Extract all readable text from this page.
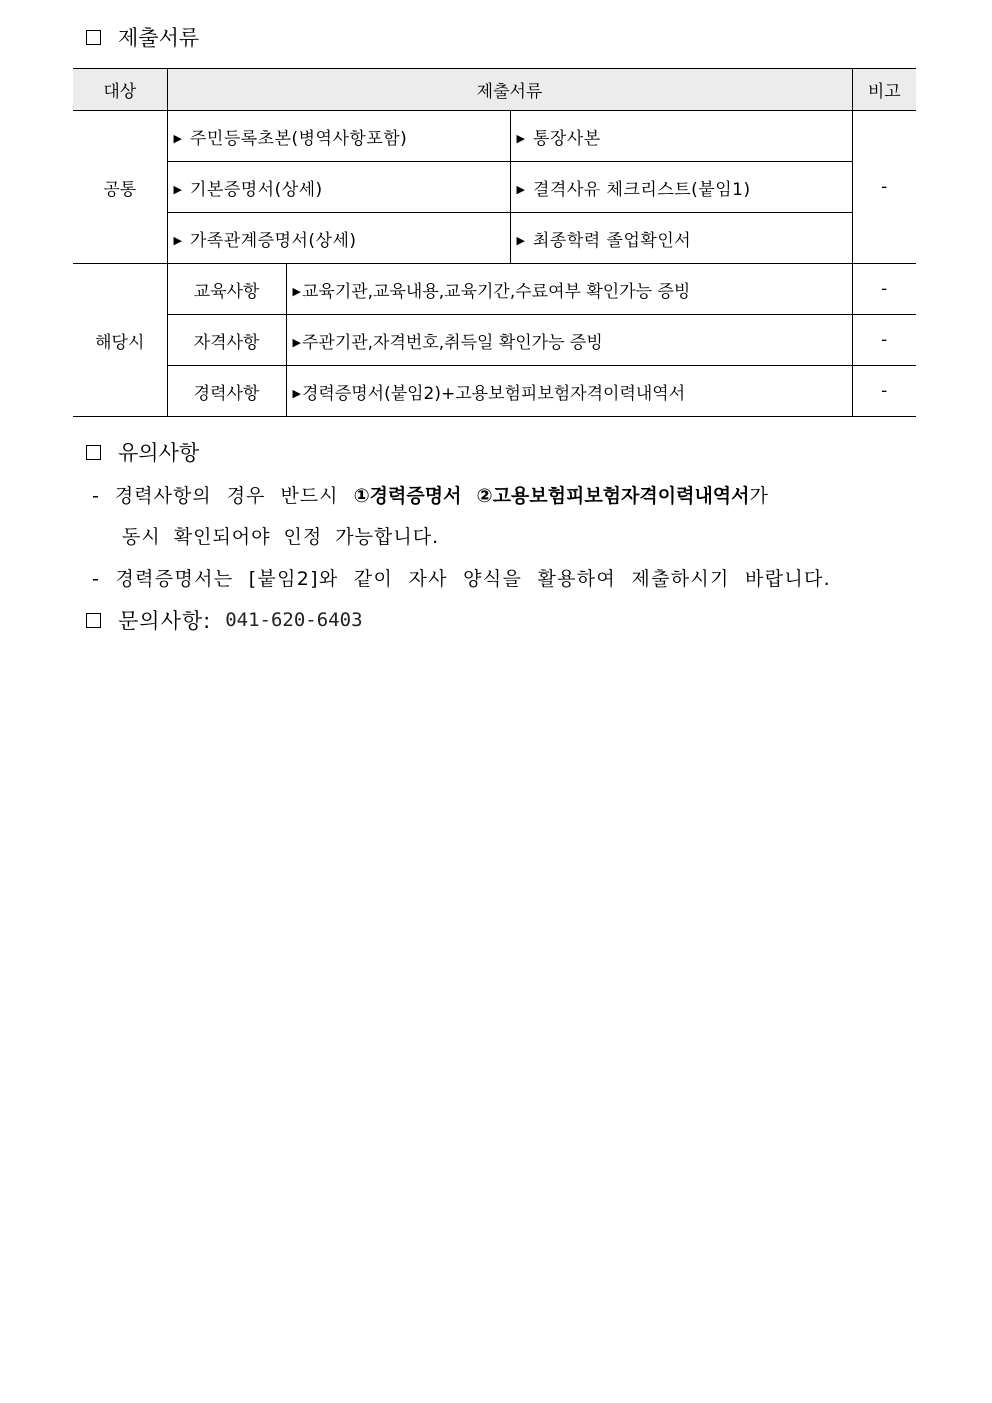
제출서류
대상	제출서류			비고
공통	▶ 주민등록초본(병역사항포함)		▶ 통장사본	-
	▶ 기본증명서(상세)		▶ 결격사유 체크리스트(붙임1)	
	▶ 가족관계증명서(상세)		▶ 최종학력 졸업확인서	
해당시	교육사항	▶교육기관,교육내용,교육기간,수료여부 확인가능 증빙		-
	자격사항	▶주관기관,자격번호,취득일 확인가능 증빙		-
	경력사항	▶경력증명서(붙임2)+고용보험피보험자격이력내역서		-
유의사항
- 경력사항의 경우 반드시 ①경력증명서 ②고용보험피보험자격이력내역서가
동시 확인되어야 인정 가능합니다.
- 경력증명서는 [붙임2]와 같이 자사 양식을 활용하여 제출하시기 바랍니다.
문의사항: 041-620-6403
